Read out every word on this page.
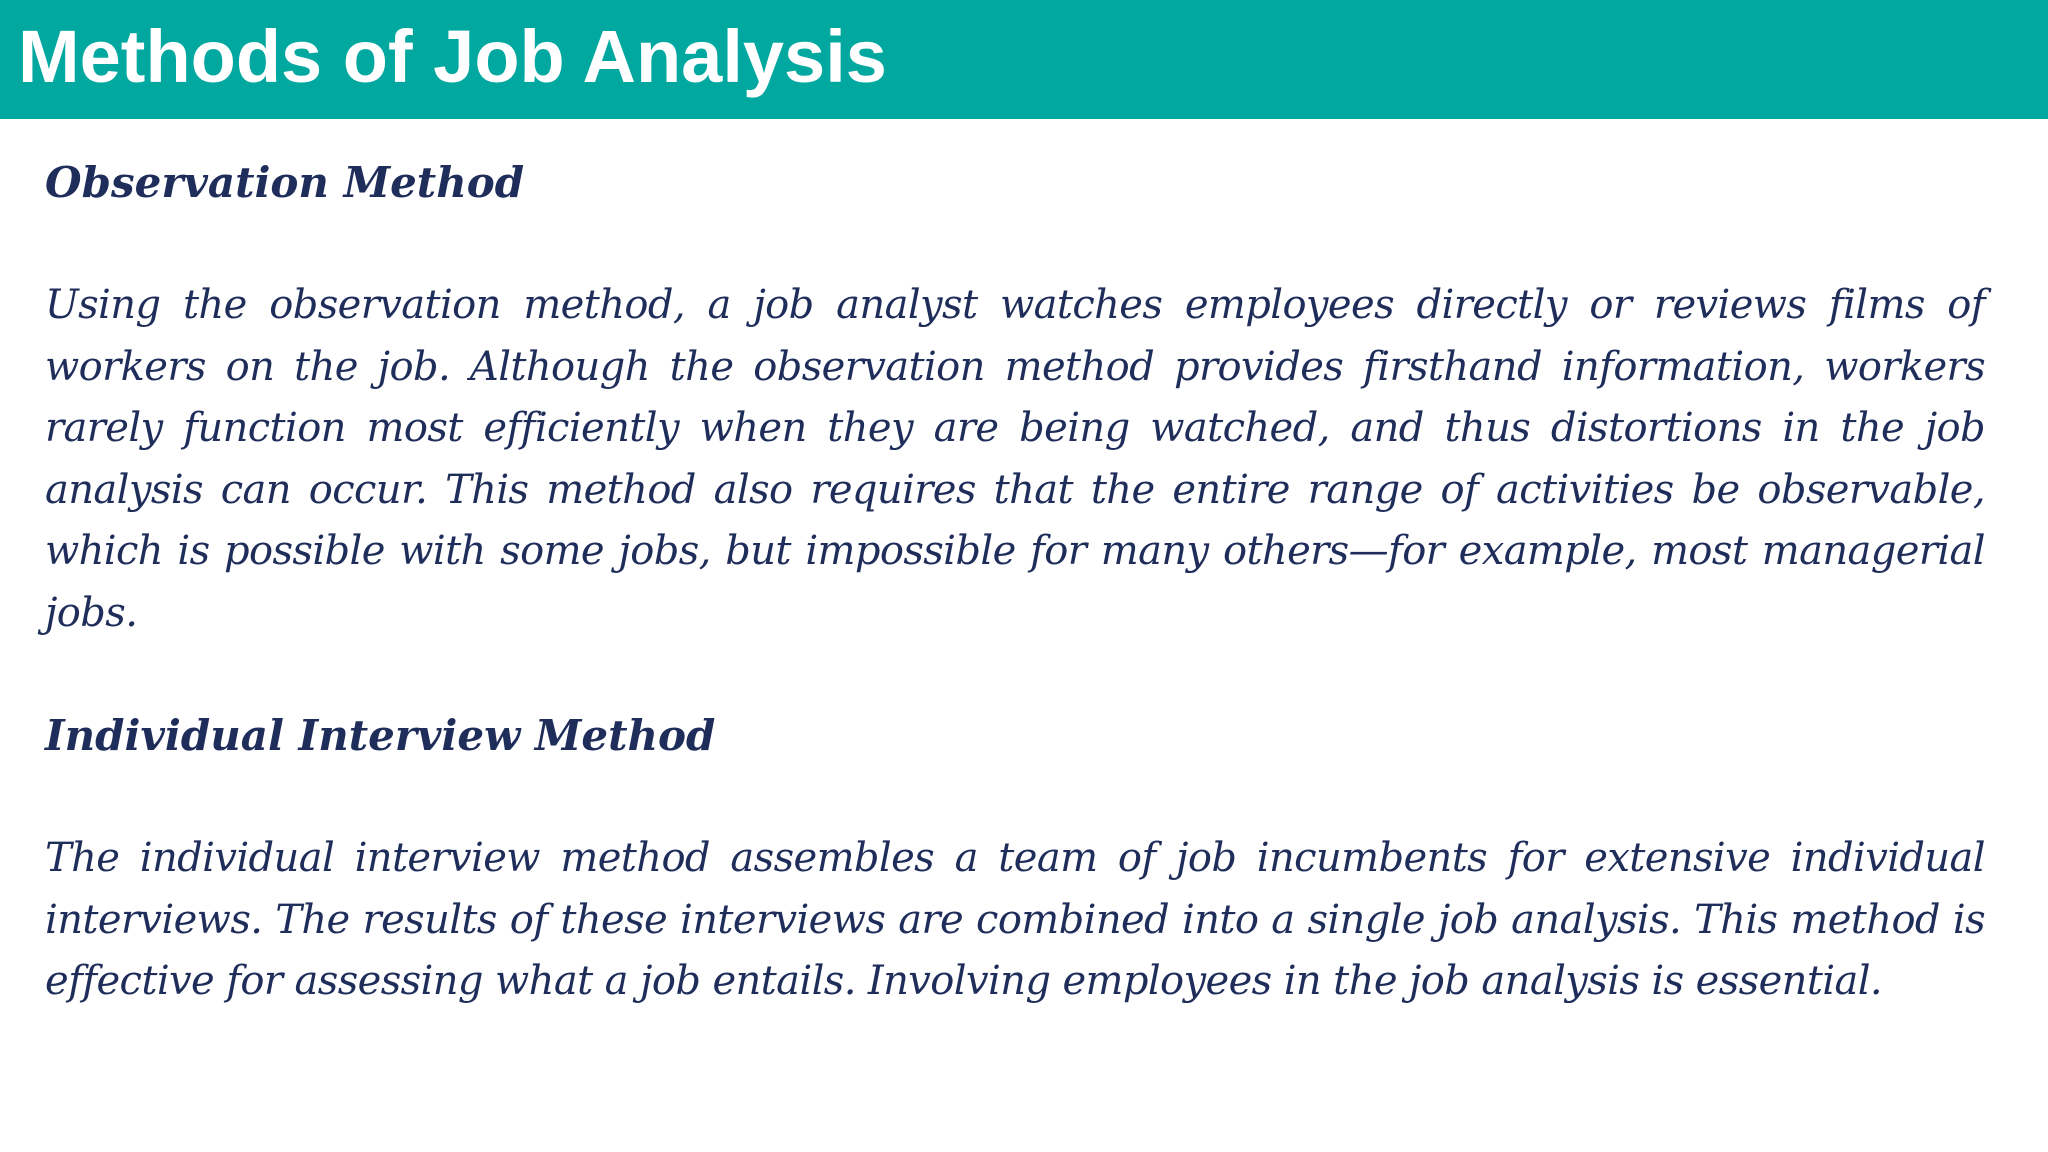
Methods of Job Analysis
Observation Method

Using the observation method, a job analyst watches employees directly or reviews films of workers on the job. Although the observation method provides firsthand information, workers rarely function most efficiently when they are being watched, and thus distortions in the job analysis can occur. This method also requires that the entire range of activities be observable, which is possible with some jobs, but impossible for many others—for example, most managerial jobs.

Individual Interview Method

The individual interview method assembles a team of job incumbents for extensive individual interviews. The results of these interviews are combined into a single job analysis. This method is effective for assessing what a job entails. Involving employees in the job analysis is essential.
